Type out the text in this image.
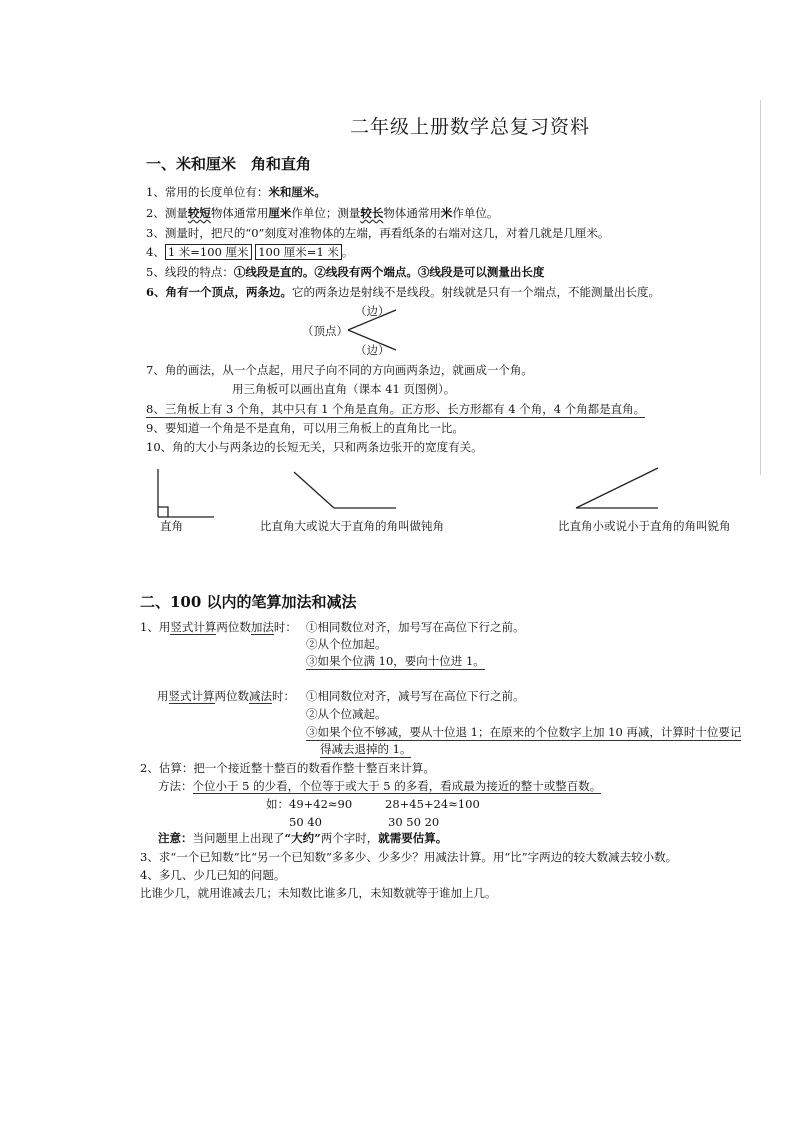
二年级上册数学总复习资料
一、米和厘米　角和直角
1、常用的长度单位有：米和厘米。
2、测量较短物体通常用厘米作单位；测量较长物体通常用米作单位。
3、测量时，把尺的“0”刻度对准物体的左端，再看纸条的右端对这几，对着几就是几厘米。
4、 1 米=100 厘米 100 厘米=1 米 。
5、线段的特点：①线段是直的。②线段有两个端点。③线段是可以测量出长度
6、角有一个顶点，两条边。它的两条边是射线不是线段。射线就是只有一个端点，不能测量出长度。
（边）
（顶点）
（边）
7、角的画法，从一个点起，用尺子向不同的方向画两条边，就画成一个角。
用三角板可以画出直角（课本 41 页图例）。
8、三角板上有 3 个角，其中只有 1 个角是直角。正方形、长方形都有 4 个角，4 个角都是直角。
9、要知道一个角是不是直角，可以用三角板上的直角比一比。
10、角的大小与两条边的长短无关，只和两条边张开的宽度有关。
直角	比直角大或说大于直角的角叫做钝角	比直角小或说小于直角的角叫锐角
二、100 以内的笔算加法和减法
1、用竖式计算两位数加法时： ①相同数位对齐，加号写在高位下行之前。
②从个位加起。
③如果个位满 10，要向十位进 1。
用竖式计算两位数减法时： ①相同数位对齐，减号写在高位下行之前。
②从个位减起。
③如果个位不够减，要从十位退 1；在原来的个位数字上加 10 再减，计算时十位要记
得减去退掉的 1。
2、估算：把一个接近整十整百的数看作整十整百来计算。
方法：个位小于 5 的少看，个位等于或大于 5 的多看，看成最为接近的整十或整百数。
如： 49+42≈90
50 40
28+45+24≈100
30 50 20
注意：当问题里上出现了“大约”两个字时，就需要估算。
3、求“一个已知数”比“另一个已知数”多多少、少多少？用减法计算。用“比”字两边的较大数减去较小数。
4、多几、少几已知的问题。
比谁少几，就用谁减去几；未知数比谁多几，未知数就等于谁加上几。
